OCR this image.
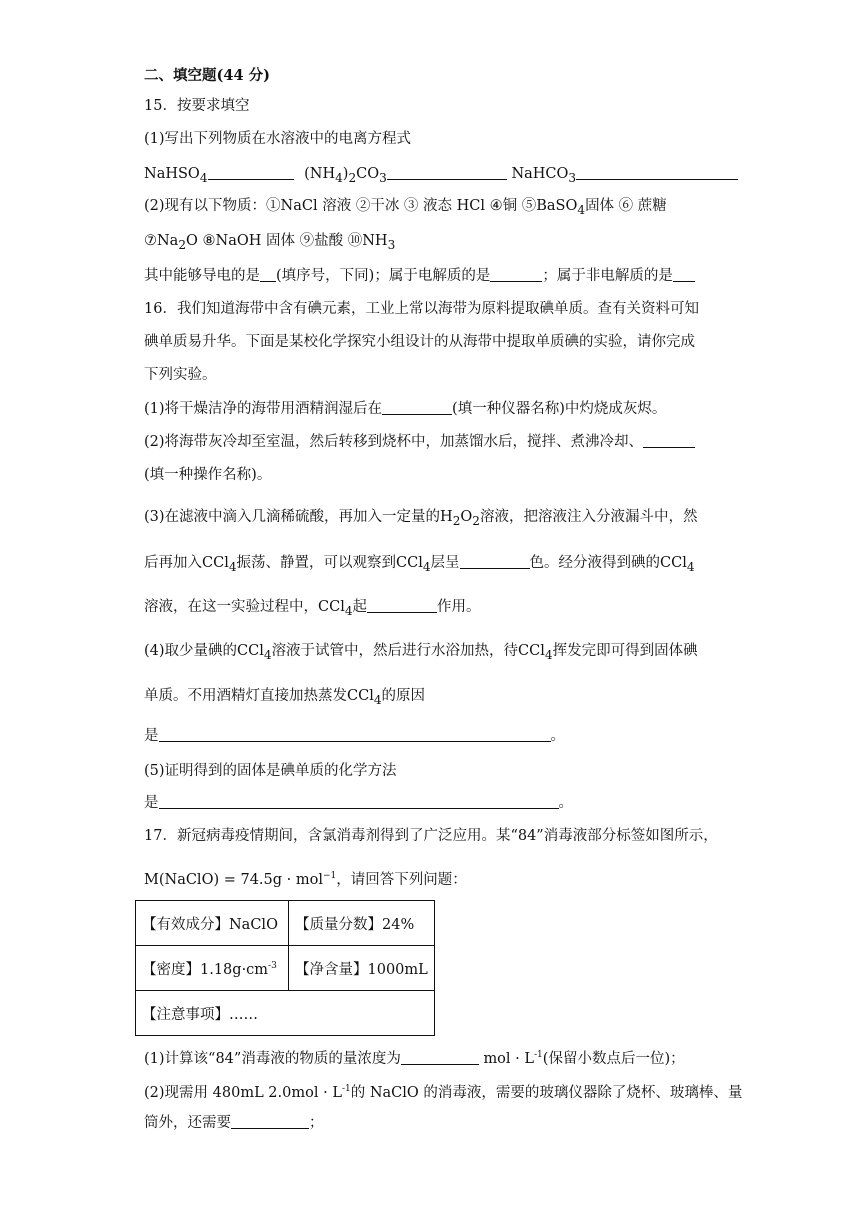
二、填空题(44 分)
15．按要求填空
(1)写出下列物质在水溶液中的电离方程式
NaHSO$_4$	$(NH_4)_2CO_3$	NaHCO$_3$
(2)现有以下物质：①NaCl 溶液 ②干冰 ③ 液态 HCl ④铜 ⑤BaSO$_4$固体 ⑥ 蔗糖
$⑦Na_2O$ ⑧NaOH 固体 ⑨盐酸 $⑩NH_3$
其中能够导电的是 (填序号，下同)；属于电解质的是	；属于非电解质的是
16．我们知道海带中含有碘元素，工业上常以海带为原料提取碘单质。查有关资料可知
碘单质易升华。下面是某校化学探究小组设计的从海带中提取单质碘的实验，请你完成
下列实验。
(1)将干燥洁净的海带用酒精润湿后在	(填一种仪器名称)中灼烧成灰烬。
(2)将海带灰冷却至室温，然后转移到烧杯中，加蒸馏水后，搅拌、煮沸冷却、
(填一种操作名称)。
(3)在滤液中滴入几滴稀硫酸，再加入一定量的$H_2O_2$溶液，把溶液注入分液漏斗中，然
后再加入CCl$_4$振荡、静置，可以观察到CCl$_4$层呈	色。经分液得到碘的CCl$_4$
溶液，在这一实验过程中，CCl$_4$起	作用。
(4)取少量碘的CCl$_4$溶液于试管中，然后进行水浴加热，待CCl$_4$挥发完即可得到固体碘
单质。不用酒精灯直接加热蒸发CCl$_4$的原因
是	。
(5)证明得到的固体是碘单质的化学方法
是	。
17．新冠病毒疫情期间，含氯消毒剂得到了广泛应用。某“84”消毒液部分标签如图所示，
M(NaClO) = 74.5g · mol$^{-1}$，请回答下列问题：
【有效成分】NaClO	【质量分数】24%
【密度】$1.18g\cdot cm^{-3}$	【净含量】1000mL
【注意事项】……	
(1)计算该“84”消毒液的物质的量浓度为	mol · $L^{-1}$(保留小数点后一位)；
(2)现需用 480mL $2.0mol \cdot L^{-1}$的 NaClO 的消毒液，需要的玻璃仪器除了烧杯、玻璃棒、量
筒外，还需要	；
